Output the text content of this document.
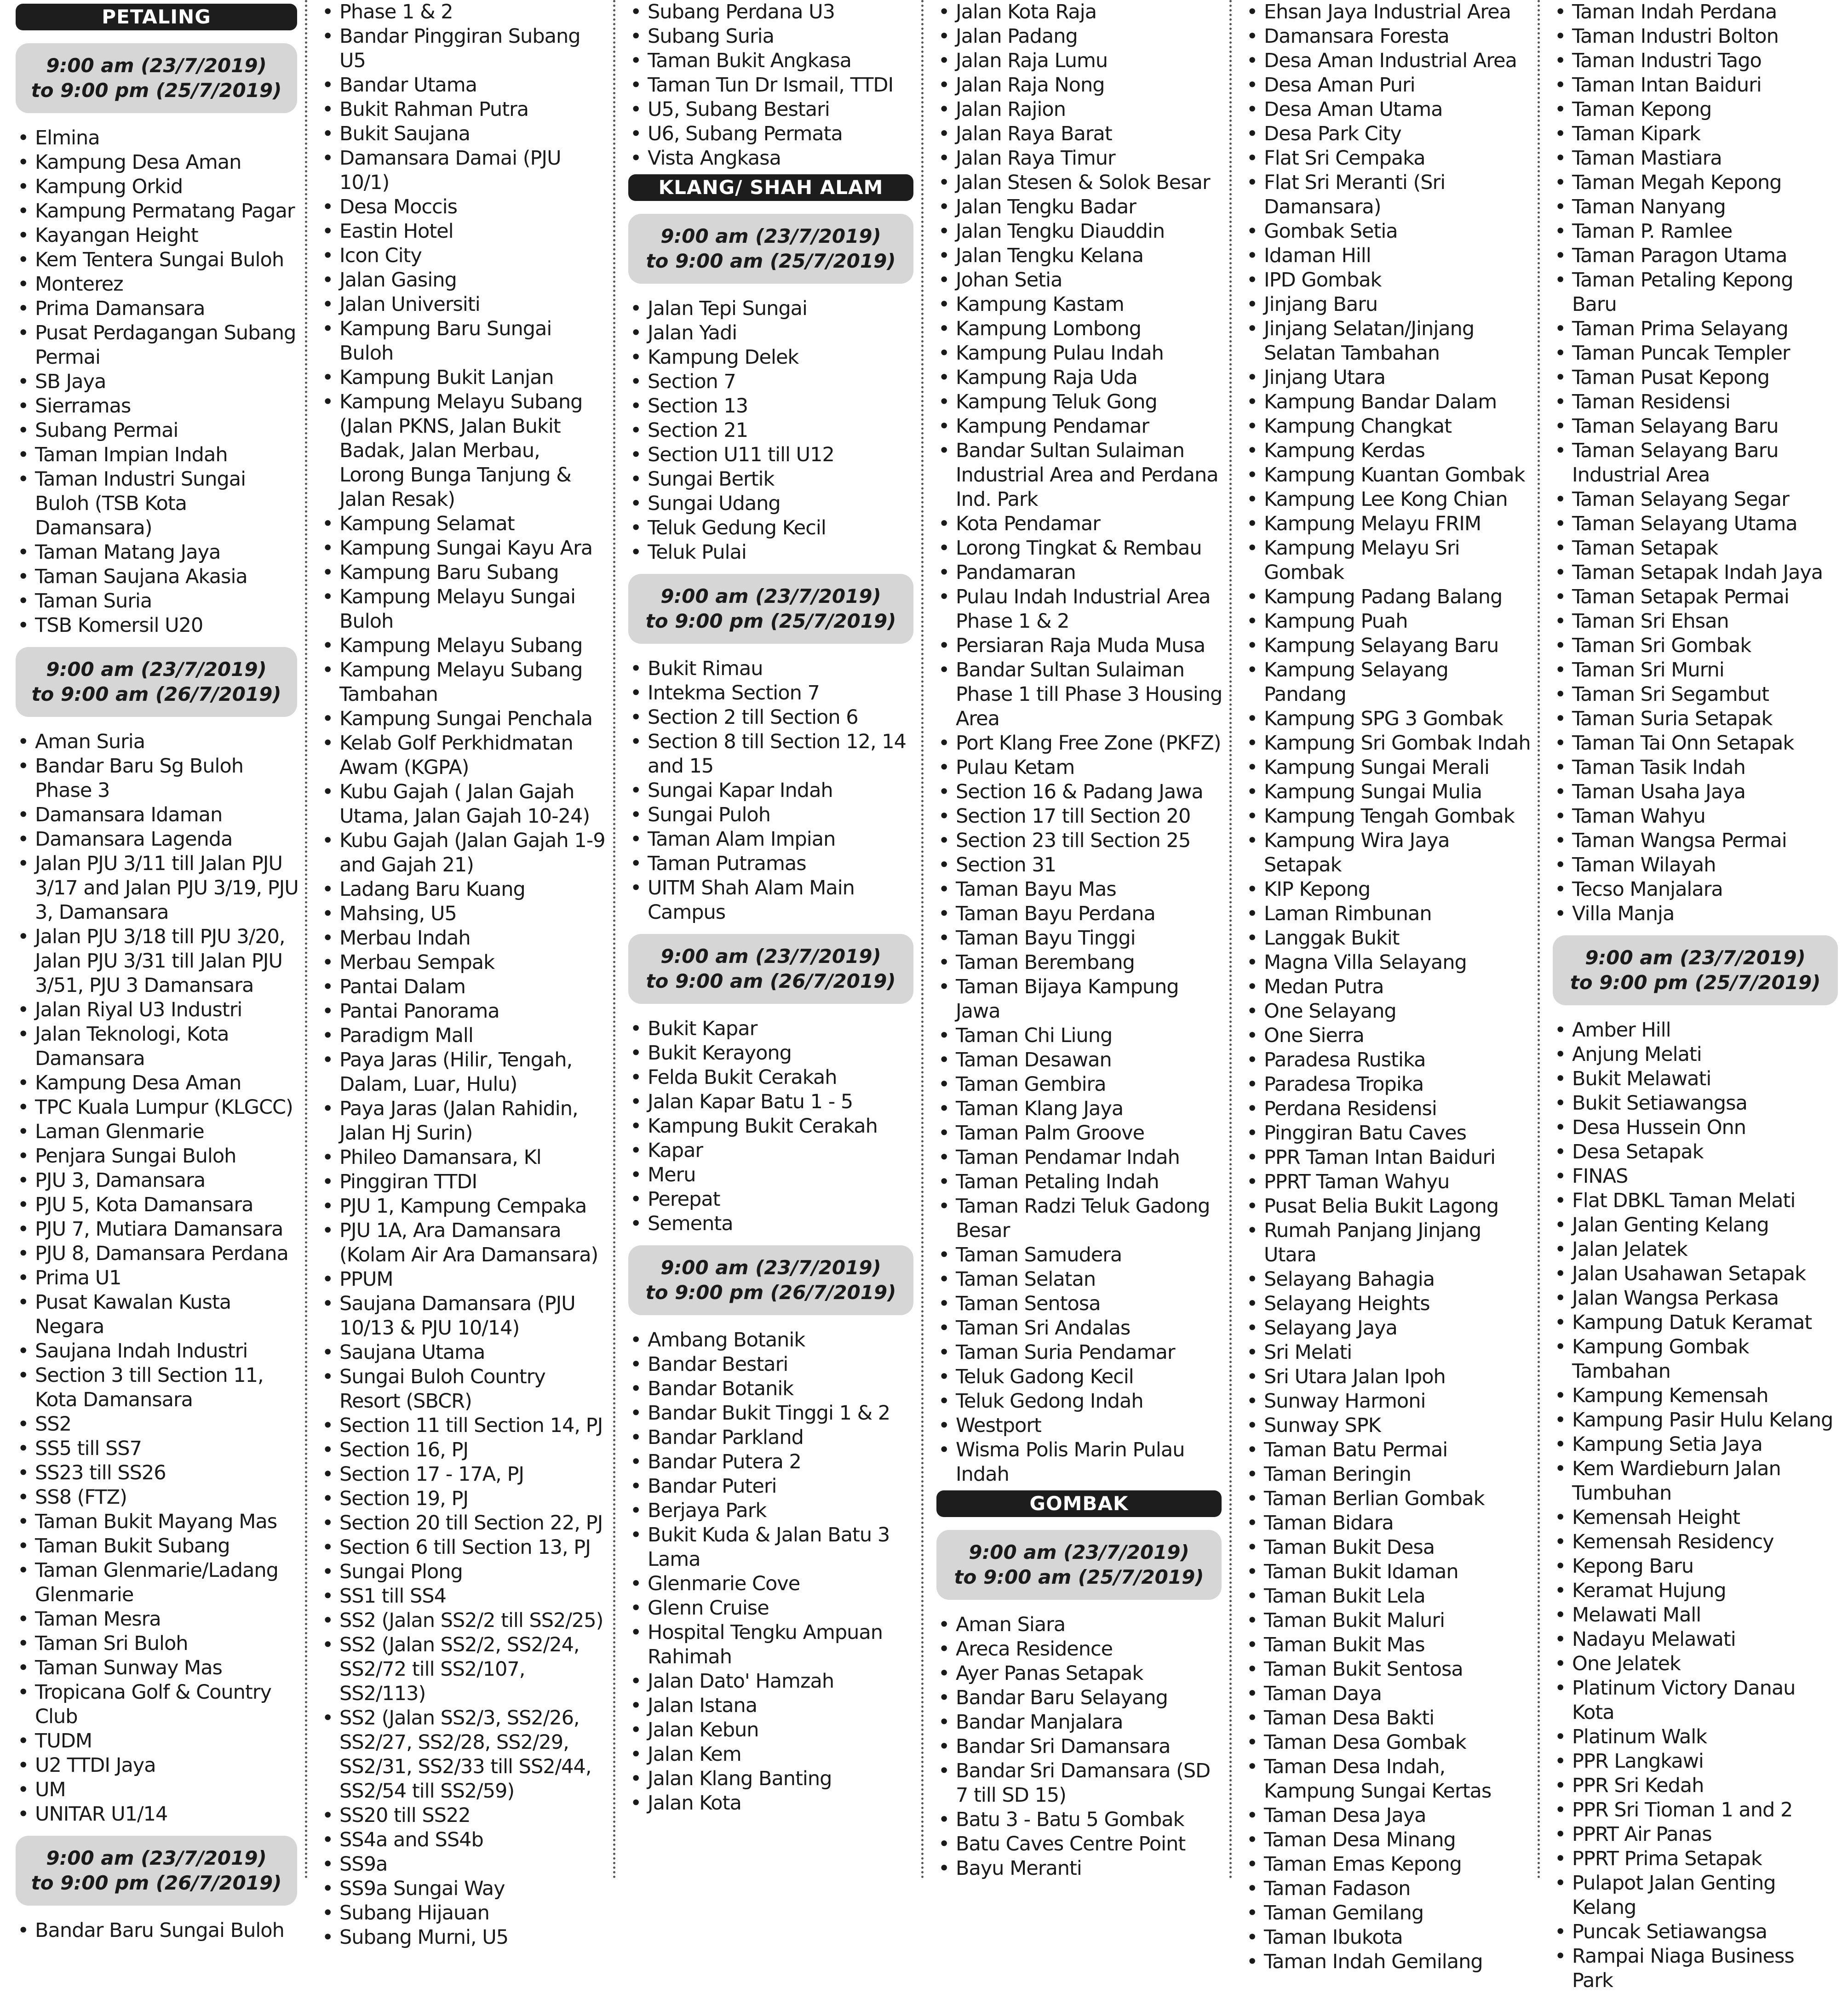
PETALING
9:00 am (23/7/2019)
to 9:00 pm (25/7/2019)
• Elmina
• Kampung Desa Aman
• Kampung Orkid
• Kampung Permatang Pagar
• Kayangan Height
• Kem Tentera Sungai Buloh
• Monterez
• Prima Damansara
• Pusat Perdagangan Subang Permai
• SB Jaya
• Sierramas
• Subang Permai
• Taman Impian Indah
• Taman Industri Sungai Buloh (TSB Kota Damansara)
• Taman Matang Jaya
• Taman Saujana Akasia
• Taman Suria
• TSB Komersil U20
9:00 am (23/7/2019)
to 9:00 am (26/7/2019)
• Aman Suria
• Bandar Baru Sg Buloh Phase 3
• Damansara Idaman
• Damansara Lagenda
• Jalan PJU 3/11 till Jalan PJU 3/17 and Jalan PJU 3/19, PJU 3, Damansara
• Jalan PJU 3/18 till PJU 3/20, Jalan PJU 3/31 till Jalan PJU 3/51, PJU 3 Damansara
• Jalan Riyal U3 Industri
• Jalan Teknologi, Kota Damansara
• Kampung Desa Aman
• TPC Kuala Lumpur (KLGCC)
• Laman Glenmarie
• Penjara Sungai Buloh
• PJU 3, Damansara
• PJU 5, Kota Damansara
• PJU 7, Mutiara Damansara
• PJU 8, Damansara Perdana
• Prima U1
• Pusat Kawalan Kusta Negara
• Saujana Indah Industri
• Section 3 till Section 11, Kota Damansara
• SS2
• SS5 till SS7
• SS23 till SS26
• SS8 (FTZ)
• Taman Bukit Mayang Mas
• Taman Bukit Subang
• Taman Glenmarie/Ladang Glenmarie
• Taman Mesra
• Taman Sri Buloh
• Taman Sunway Mas
• Tropicana Golf & Country Club
• TUDM
• U2 TTDI Jaya
• UM
• UNITAR U1/14
9:00 am (23/7/2019)
to 9:00 pm (26/7/2019)
• Bandar Baru Sungai Buloh
• Phase 1 & 2
• Bandar Pinggiran Subang U5
• Bandar Utama
• Bukit Rahman Putra
• Bukit Saujana
• Damansara Damai (PJU 10/1)
• Desa Moccis
• Eastin Hotel
• Icon City
• Jalan Gasing
• Jalan Universiti
• Kampung Baru Sungai Buloh
• Kampung Bukit Lanjan
• Kampung Melayu Subang (Jalan PKNS, Jalan Bukit Badak, Jalan Merbau, Lorong Bunga Tanjung & Jalan Resak)
• Kampung Selamat
• Kampung Sungai Kayu Ara
• Kampung Baru Subang
• Kampung Melayu Sungai Buloh
• Kampung Melayu Subang
• Kampung Melayu Subang Tambahan
• Kampung Sungai Penchala
• Kelab Golf Perkhidmatan Awam (KGPA)
• Kubu Gajah ( Jalan Gajah Utama, Jalan Gajah 10-24)
• Kubu Gajah (Jalan Gajah 1-9 and Gajah 21)
• Ladang Baru Kuang
• Mahsing, U5
• Merbau Indah
• Merbau Sempak
• Pantai Dalam
• Pantai Panorama
• Paradigm Mall
• Paya Jaras (Hilir, Tengah, Dalam, Luar, Hulu)
• Paya Jaras (Jalan Rahidin, Jalan Hj Surin)
• Phileo Damansara, Kl
• Pinggiran TTDI
• PJU 1, Kampung Cempaka
• PJU 1A, Ara Damansara (Kolam Air Ara Damansara)
• PPUM
• Saujana Damansara (PJU 10/13 & PJU 10/14)
• Saujana Utama
• Sungai Buloh Country Resort (SBCR)
• Section 11 till Section 14, PJ
• Section 16, PJ
• Section 17 - 17A, PJ
• Section 19, PJ
• Section 20 till Section 22, PJ
• Section 6 till Section 13, PJ
• Sungai Plong
• SS1 till SS4
• SS2 (Jalan SS2/2 till SS2/25)
• SS2 (Jalan SS2/2, SS2/24, SS2/72 till SS2/107, SS2/113)
• SS2 (Jalan SS2/3, SS2/26, SS2/27, SS2/28, SS2/29, SS2/31, SS2/33 till SS2/44, SS2/54 till SS2/59)
• SS20 till SS22
• SS4a and SS4b
• SS9a
• SS9a Sungai Way
• Subang Hijauan
• Subang Murni, U5
• Subang Perdana U3
• Subang Suria
• Taman Bukit Angkasa
• Taman Tun Dr Ismail, TTDI
• U5, Subang Bestari
• U6, Subang Permata
• Vista Angkasa
KLANG/ SHAH ALAM
9:00 am (23/7/2019)
to 9:00 am (25/7/2019)
• Jalan Tepi Sungai
• Jalan Yadi
• Kampung Delek
• Section 7
• Section 13
• Section 21
• Section U11 till U12
• Sungai Bertik
• Sungai Udang
• Teluk Gedung Kecil
• Teluk Pulai
9:00 am (23/7/2019)
to 9:00 pm (25/7/2019)
• Bukit Rimau
• Intekma Section 7
• Section 2 till Section 6
• Section 8 till Section 12, 14 and 15
• Sungai Kapar Indah
• Sungai Puloh
• Taman Alam Impian
• Taman Putramas
• UITM Shah Alam Main Campus
9:00 am (23/7/2019)
to 9:00 am (26/7/2019)
• Bukit Kapar
• Bukit Kerayong
• Felda Bukit Cerakah
• Jalan Kapar Batu 1 - 5
• Kampung Bukit Cerakah
• Kapar
• Meru
• Perepat
• Sementa
9:00 am (23/7/2019)
to 9:00 pm (26/7/2019)
• Ambang Botanik
• Bandar Bestari
• Bandar Botanik
• Bandar Bukit Tinggi 1 & 2
• Bandar Parkland
• Bandar Putera 2
• Bandar Puteri
• Berjaya Park
• Bukit Kuda & Jalan Batu 3 Lama
• Glenmarie Cove
• Glenn Cruise
• Hospital Tengku Ampuan Rahimah
• Jalan Dato' Hamzah
• Jalan Istana
• Jalan Kebun
• Jalan Kem
• Jalan Klang Banting
• Jalan Kota
• Jalan Kota Raja
• Jalan Padang
• Jalan Raja Lumu
• Jalan Raja Nong
• Jalan Rajion
• Jalan Raya Barat
• Jalan Raya Timur
• Jalan Stesen & Solok Besar
• Jalan Tengku Badar
• Jalan Tengku Diauddin
• Jalan Tengku Kelana
• Johan Setia
• Kampung Kastam
• Kampung Lombong
• Kampung Pulau Indah
• Kampung Raja Uda
• Kampung Teluk Gong
• Kampung Pendamar
• Bandar Sultan Sulaiman Industrial Area and Perdana Ind. Park
• Kota Pendamar
• Lorong Tingkat & Rembau
• Pandamaran
• Pulau Indah Industrial Area Phase 1 & 2
• Persiaran Raja Muda Musa
• Bandar Sultan Sulaiman Phase 1 till Phase 3 Housing Area
• Port Klang Free Zone (PKFZ)
• Pulau Ketam
• Section 16 & Padang Jawa
• Section 17 till Section 20
• Section 23 till Section 25
• Section 31
• Taman Bayu Mas
• Taman Bayu Perdana
• Taman Bayu Tinggi
• Taman Berembang
• Taman Bijaya Kampung Jawa
• Taman Chi Liung
• Taman Desawan
• Taman Gembira
• Taman Klang Jaya
• Taman Palm Groove
• Taman Pendamar Indah
• Taman Petaling Indah
• Taman Radzi Teluk Gadong Besar
• Taman Samudera
• Taman Selatan
• Taman Sentosa
• Taman Sri Andalas
• Taman Suria Pendamar
• Teluk Gadong Kecil
• Teluk Gedong Indah
• Westport
• Wisma Polis Marin Pulau Indah
GOMBAK
9:00 am (23/7/2019)
to 9:00 am (25/7/2019)
• Aman Siara
• Areca Residence
• Ayer Panas Setapak
• Bandar Baru Selayang
• Bandar Manjalara
• Bandar Sri Damansara
• Bandar Sri Damansara (SD 7 till SD 15)
• Batu 3 - Batu 5 Gombak
• Batu Caves Centre Point
• Bayu Meranti
• Ehsan Jaya Industrial Area
• Damansara Foresta
• Desa Aman Industrial Area
• Desa Aman Puri
• Desa Aman Utama
• Desa Park City
• Flat Sri Cempaka
• Flat Sri Meranti (Sri Damansara)
• Gombak Setia
• Idaman Hill
• IPD Gombak
• Jinjang Baru
• Jinjang Selatan/Jinjang Selatan Tambahan
• Jinjang Utara
• Kampung Bandar Dalam
• Kampung Changkat
• Kampung Kerdas
• Kampung Kuantan Gombak
• Kampung Lee Kong Chian
• Kampung Melayu FRIM
• Kampung Melayu Sri Gombak
• Kampung Padang Balang
• Kampung Puah
• Kampung Selayang Baru
• Kampung Selayang Pandang
• Kampung SPG 3 Gombak
• Kampung Sri Gombak Indah
• Kampung Sungai Merali
• Kampung Sungai Mulia
• Kampung Tengah Gombak
• Kampung Wira Jaya Setapak
• KIP Kepong
• Laman Rimbunan
• Langgak Bukit
• Magna Villa Selayang
• Medan Putra
• One Selayang
• One Sierra
• Paradesa Rustika
• Paradesa Tropika
• Perdana Residensi
• Pinggiran Batu Caves
• PPR Taman Intan Baiduri
• PPRT Taman Wahyu
• Pusat Belia Bukit Lagong
• Rumah Panjang Jinjang Utara
• Selayang Bahagia
• Selayang Heights
• Selayang Jaya
• Sri Melati
• Sri Utara Jalan Ipoh
• Sunway Harmoni
• Sunway SPK
• Taman Batu Permai
• Taman Beringin
• Taman Berlian Gombak
• Taman Bidara
• Taman Bukit Desa
• Taman Bukit Idaman
• Taman Bukit Lela
• Taman Bukit Maluri
• Taman Bukit Mas
• Taman Bukit Sentosa
• Taman Daya
• Taman Desa Bakti
• Taman Desa Gombak
• Taman Desa Indah, Kampung Sungai Kertas
• Taman Desa Jaya
• Taman Desa Minang
• Taman Emas Kepong
• Taman Fadason
• Taman Gemilang
• Taman Ibukota
• Taman Indah Gemilang
• Taman Indah Perdana
• Taman Industri Bolton
• Taman Industri Tago
• Taman Intan Baiduri
• Taman Kepong
• Taman Kipark
• Taman Mastiara
• Taman Megah Kepong
• Taman Nanyang
• Taman P. Ramlee
• Taman Paragon Utama
• Taman Petaling Kepong Baru
• Taman Prima Selayang
• Taman Puncak Templer
• Taman Pusat Kepong
• Taman Residensi
• Taman Selayang Baru
• Taman Selayang Baru Industrial Area
• Taman Selayang Segar
• Taman Selayang Utama
• Taman Setapak
• Taman Setapak Indah Jaya
• Taman Setapak Permai
• Taman Sri Ehsan
• Taman Sri Gombak
• Taman Sri Murni
• Taman Sri Segambut
• Taman Suria Setapak
• Taman Tai Onn Setapak
• Taman Tasik Indah
• Taman Usaha Jaya
• Taman Wahyu
• Taman Wangsa Permai
• Taman Wilayah
• Tecso Manjalara
• Villa Manja
9:00 am (23/7/2019)
to 9:00 pm (25/7/2019)
• Amber Hill
• Anjung Melati
• Bukit Melawati
• Bukit Setiawangsa
• Desa Hussein Onn
• Desa Setapak
• FINAS
• Flat DBKL Taman Melati
• Jalan Genting Kelang
• Jalan Jelatek
• Jalan Usahawan Setapak
• Jalan Wangsa Perkasa
• Kampung Datuk Keramat
• Kampung Gombak Tambahan
• Kampung Kemensah
• Kampung Pasir Hulu Kelang
• Kampung Setia Jaya
• Kem Wardieburn Jalan Tumbuhan
• Kemensah Height
• Kemensah Residency
• Kepong Baru
• Keramat Hujung
• Melawati Mall
• Nadayu Melawati
• One Jelatek
• Platinum Victory Danau Kota
• Platinum Walk
• PPR Langkawi
• PPR Sri Kedah
• PPR Sri Tioman 1 and 2
• PPRT Air Panas
• PPRT Prima Setapak
• Pulapot Jalan Genting Kelang
• Puncak Setiawangsa
• Rampai Niaga Business Park
